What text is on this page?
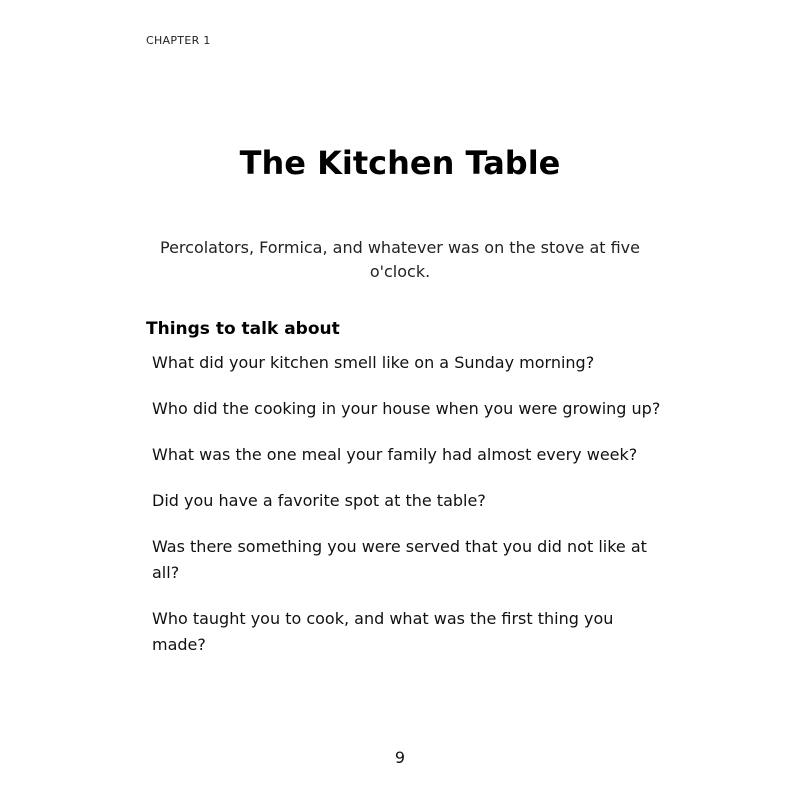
CHAPTER 1

The Kitchen Table

Percolators, Formica, and whatever was on the stove at five o'clock.

Things to talk about
What did your kitchen smell like on a Sunday morning?
Who did the cooking in your house when you were growing up?
What was the one meal your family had almost every week?
Did you have a favorite spot at the table?
Was there something you were served that you did not like at all?
Who taught you to cook, and what was the first thing you made?

9
